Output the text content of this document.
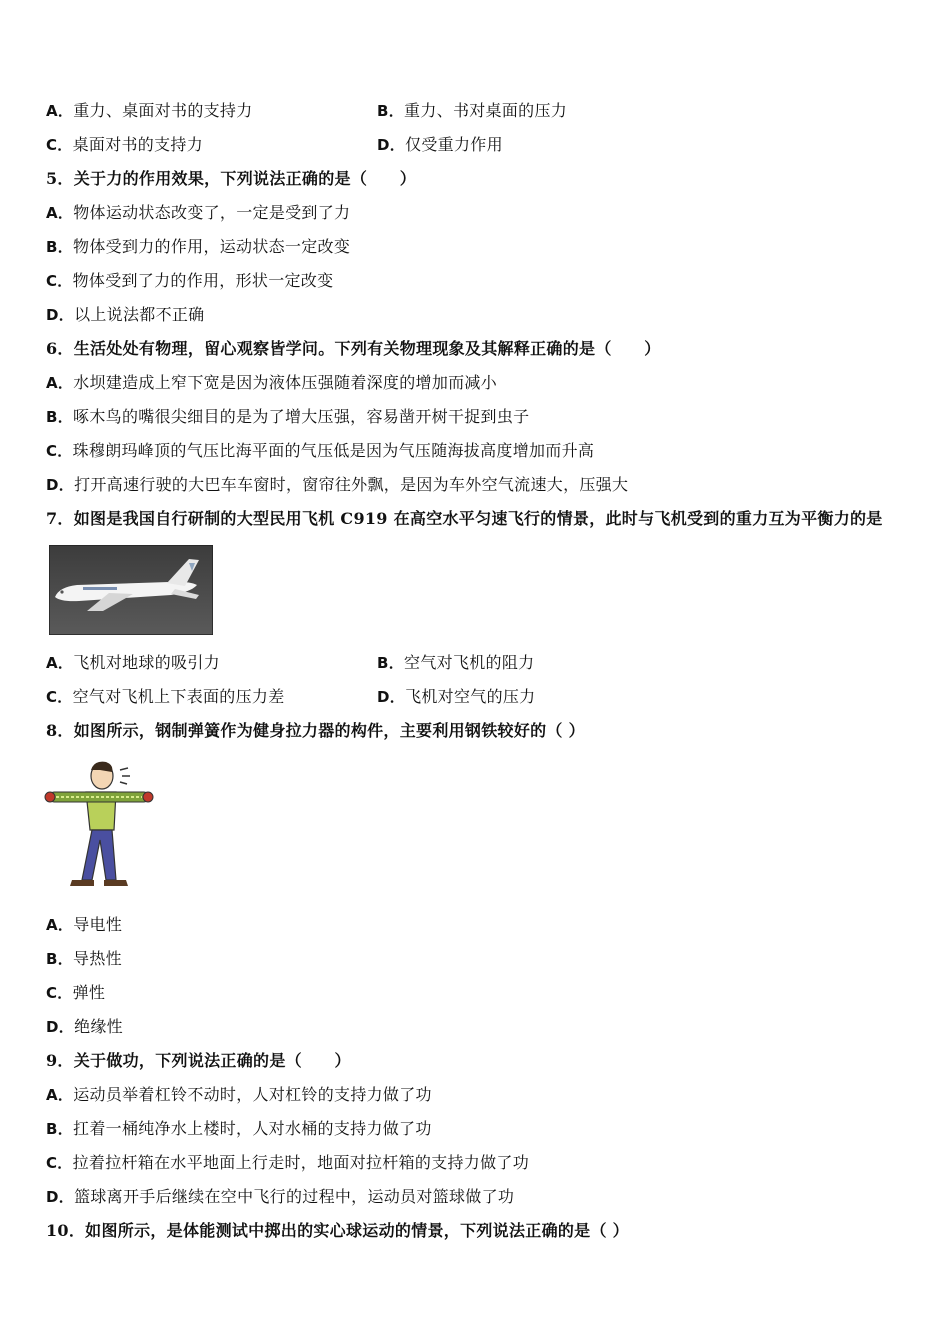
A．重力、桌面对书的支持力	B．重力、书对桌面的压力
C．桌面对书的支持力	D．仅受重力作用
5．关于力的作用效果，下列说法正确的是（　　）
A．物体运动状态改变了，一定是受到了力
B．物体受到力的作用，运动状态一定改变
C．物体受到了力的作用，形状一定改变
D．以上说法都不正确
6．生活处处有物理，留心观察皆学问。下列有关物理现象及其解释正确的是（　　）
A．水坝建造成上窄下宽是因为液体压强随着深度的增加而减小
B．啄木鸟的嘴很尖细目的是为了增大压强，容易凿开树干捉到虫子
C．珠穆朗玛峰顶的气压比海平面的气压低是因为气压随海拔高度增加而升高
D．打开高速行驶的大巴车车窗时，窗帘往外飘，是因为车外空气流速大，压强大
7．如图是我国自行研制的大型民用飞机 C919 在高空水平匀速飞行的情景，此时与飞机受到的重力互为平衡力的是
A．飞机对地球的吸引力	B．空气对飞机的阻力
C．空气对飞机上下表面的压力差	D．飞机对空气的压力
8．如图所示，钢制弹簧作为健身拉力器的构件，主要利用钢铁较好的（ ）
A．导电性
B．导热性
C．弹性
D．绝缘性
9．关于做功，下列说法正确的是（　　）
A．运动员举着杠铃不动时，人对杠铃的支持力做了功
B．扛着一桶纯净水上楼时，人对水桶的支持力做了功
C．拉着拉杆箱在水平地面上行走时，地面对拉杆箱的支持力做了功
D．篮球离开手后继续在空中飞行的过程中，运动员对篮球做了功
10．如图所示，是体能测试中掷出的实心球运动的情景，下列说法正确的是（ ）
